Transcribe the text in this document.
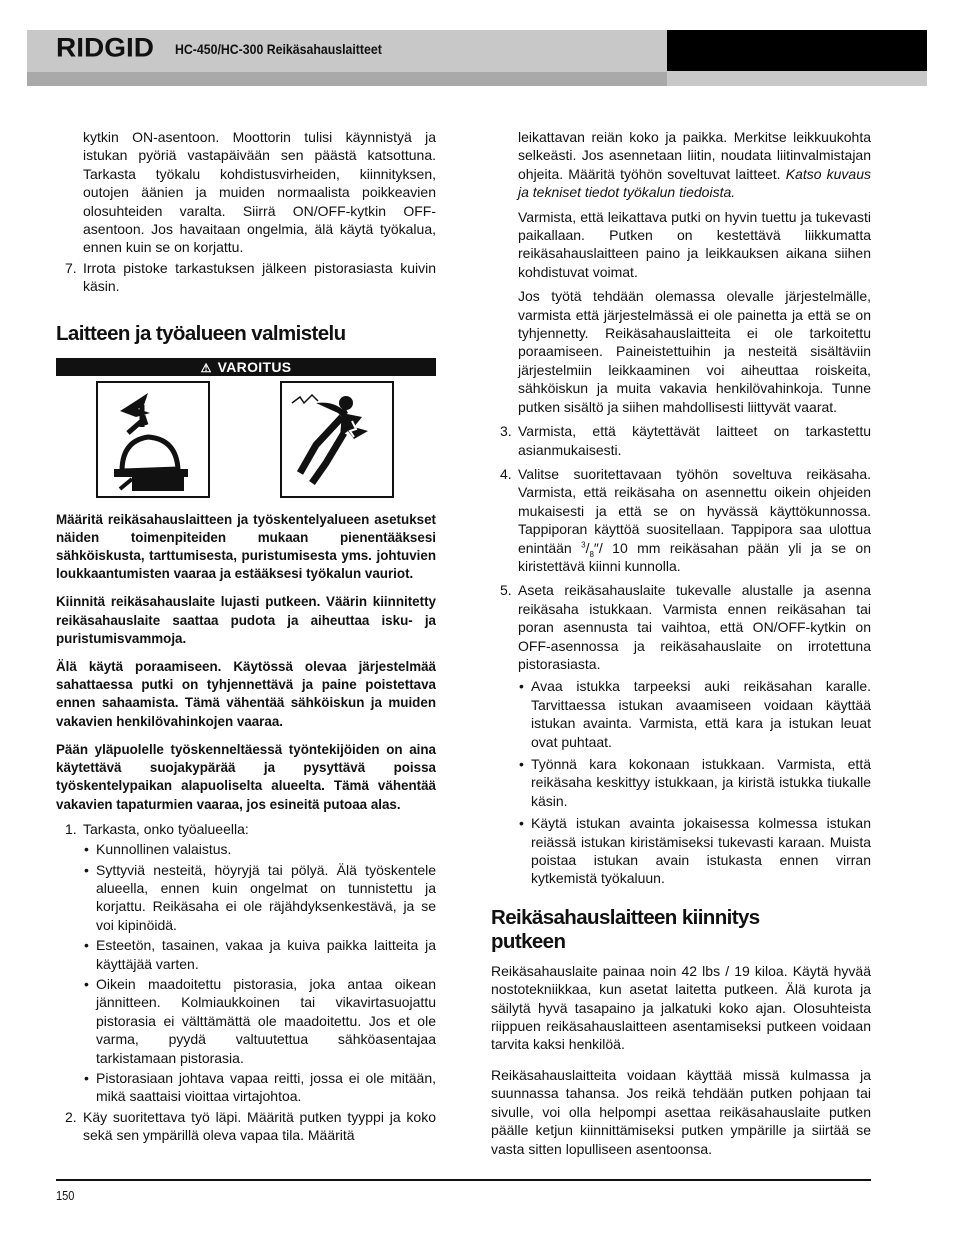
RIDGID HC-450/HC-300 Reikäsahauslaitteet

kytkin ON-asentoon. Moottorin tulisi käynnistyä ja istukan pyöriä vastapäivään sen päästä katsottuna. Tarkasta työkalu kohdistusvirheiden, kiinnityksen, outojen äänien ja muiden normaalista poikkeavien olosuhteiden varalta. Siirrä ON/OFF-kytkin OFF-asentoon. Jos havaitaan ongelmia, älä käytä työkalua, ennen kuin se on korjattu.

7. Irrota pistoke tarkastuksen jälkeen pistorasiasta kuivin käsin.
Laitteen ja työalueen valmistelu
⚠ VAROITUS

Määritä reikäsahauslaitteen ja työskentelyalueen asetukset näiden toimenpiteiden mukaan pienentääksesi sähköiskusta, tarttumisesta, puristumisesta yms. johtuvien loukkaantumisten vaaraa ja estääksesi työkalun vauriot.

Kiinnitä reikäsahauslaite lujasti putkeen. Väärin kiinnitetty reikäsahauslaite saattaa pudota ja aiheuttaa isku- ja puristumisvammoja.

Älä käytä poraamiseen. Käytössä olevaa järjestelmää sahattaessa putki on tyhjennettävä ja paine poistettava ennen sahaamista. Tämä vähentää sähköiskun ja muiden vakavien henkilövahinkojen vaaraa.

Pään yläpuolelle työskenneltäessä työntekijöiden on aina käytettävä suojakypärää ja pysyttävä poissa työskentelypaikan alapuoliselta alueelta. Tämä vähentää vakavien tapaturmien vaaraa, jos esineitä putoaa alas.

1. Tarkasta, onko työalueella:
• Kunnollinen valaistus.
• Syttyviä nesteitä, höyryjä tai pölyä. Älä työskentele alueella, ennen kuin ongelmat on tunnistettu ja korjattu. Reikäsaha ei ole räjähdyksenkestävä, ja se voi kipinöidä.
• Esteetön, tasainen, vakaa ja kuiva paikka laitteita ja käyttäjää varten.
• Oikein maadoitettu pistorasia, joka antaa oikean jännitteen. Kolmiaukkoinen tai vikavirtasuojattu pistorasia ei välttämättä ole maadoitettu. Jos et ole varma, pyydä valtuutettua sähköasentajaa tarkistamaan pistorasia.
• Pistorasiaan johtava vapaa reitti, jossa ei ole mitään, mikä saattaisi vioittaa virtajohtoa.
2. Käy suoritettava työ läpi. Määritä putken tyyppi ja koko sekä sen ympärillä oleva vapaa tila. Määritä

leikattavan reiän koko ja paikka. Merkitse leikkuukohta selkeästi. Jos asennetaan liitin, noudata liitinvalmistajan ohjeita. Määritä työhön soveltuvat laitteet. Katso kuvaus ja tekniset tiedot työkalun tiedoista.

Varmista, että leikattava putki on hyvin tuettu ja tukevasti paikallaan. Putken on kestettävä liikkumatta reikäsahauslaitteen paino ja leikkauksen aikana siihen kohdistuvat voimat.

Jos työtä tehdään olemassa olevalle järjestelmälle, varmista että järjestelmässä ei ole painetta ja että se on tyhjennetty. Reikäsahauslaitteita ei ole tarkoitettu poraamiseen. Paineistettuihin ja nesteitä sisältäviin järjestelmiin leikkaaminen voi aiheuttaa roiskeita, sähköiskun ja muita vakavia henkilövahinkoja. Tunne putken sisältö ja siihen mahdollisesti liittyvät vaarat.

3. Varmista, että käytettävät laitteet on tarkastettu asianmukaisesti.
4. Valitse suoritettavaan työhön soveltuva reikäsaha. Varmista, että reikäsaha on asennettu oikein ohjeiden mukaisesti ja että se on hyvässä käyttökunnossa. Tappiporan käyttöä suositellaan. Tappipora saa ulottua enintään $^3/_8''/$ 10 mm reikäsahan pään yli ja se on kiristettävä kiinni kunnolla.
5. Aseta reikäsahauslaite tukevalle alustalle ja asenna reikäsaha istukkaan. Varmista ennen reikäsahan tai poran asennusta tai vaihtoa, että ON/OFF-kytkin on OFF-asennossa ja reikäsahauslaite on irrotettuna pistorasiasta.
• Avaa istukka tarpeeksi auki reikäsahan karalle. Tarvittaessa istukan avaamiseen voidaan käyttää istukan avainta. Varmista, että kara ja istukan leuat ovat puhtaat.
• Työnnä kara kokonaan istukkaan. Varmista, että reikäsaha keskittyy istukkaan, ja kiristä istukka tiukalle käsin.
• Käytä istukan avainta jokaisessa kolmessa istukan reiässä istukan kiristämiseksi tukevasti karaan. Muista poistaa istukan avain istukasta ennen virran kytkemistä työkaluun.
Reikäsahauslaitteen kiinnitys
putkeen

Reikäsahauslaite painaa noin 42 lbs / 19 kiloa. Käytä hyvää nostotekniikkaa, kun asetat laitetta putkeen. Älä kurota ja säilytä hyvä tasapaino ja jalkatuki koko ajan. Olosuhteista riippuen reikäsahauslaitteen asentamiseksi putkeen voidaan tarvita kaksi henkilöä.

Reikäsahauslaitteita voidaan käyttää missä kulmassa ja suunnassa tahansa. Jos reikä tehdään putken pohjaan tai sivulle, voi olla helpompi asettaa reikäsahauslaite putken päälle ketjun kiinnittämiseksi putken ympärille ja siirtää se vasta sitten lopulliseen asentoonsa.

150
